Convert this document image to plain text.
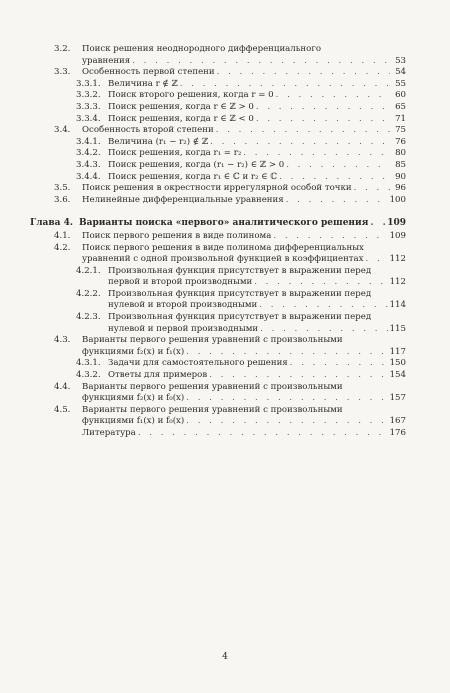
3.2.	Поиск решения неоднородного дифференциального
уравнения . . .	53
3.3.	Особенность первой степени . . .	54
3.3.1. Величина r ∉ ℤ . . .	55
3.3.2. Поиск второго решения, когда r = 0 . . .	60
3.3.3. Поиск решения, когда r ∈ ℤ > 0 . . .	65
3.3.4. Поиск решения, когда r ∈ ℤ < 0 . . .	71
3.4.	Особенность второй степени . . .	75
3.4.1. Величина (r₁ − r₂) ∉ ℤ . . .	76
3.4.2. Поиск решения, когда r₁ = r₂ . . .	80
3.4.3. Поиск решения, когда (r₁ − r₂) ∈ ℤ > 0 . . .	85
3.4.4. Поиск решения, когда r₁ ∈ ℂ и r₂ ∈ ℂ . . .	90
3.5.	Поиск решения в окрестности иррегулярной особой точки . . .	96
3.6.	Нелинейные дифференциальные уравнения . . .	100
Глава 4. Варианты поиска «первого» аналитического решения . . . 109
4.1.	Поиск первого решения в виде полинома . . .	109
4.2.	Поиск первого решения в виде полинома дифференциальных
уравнений с одной произвольной функцией в коэффициентах . . .	112
4.2.1. Произвольная функция присутствует в выражении перед
первой и второй производными . . .	112
4.2.2. Произвольная функция присутствует в выражении перед
нулевой и второй производными . . .	114
4.2.3. Произвольная функция присутствует в выражении перед
нулевой и первой производными . . .	115
4.3.	Варианты первого решения уравнений с произвольными
функциями f₂(x) и f₁(x) . . .	117
4.3.1. Задачи для самостоятельного решения . . .	150
4.3.2. Ответы для примеров . . .	154
4.4.	Варианты первого решения уравнений с произвольными
функциями f₂(x) и f₀(x) . . .	157
4.5.	Варианты первого решения уравнений с произвольными
функциями f₁(x) и f₀(x) . . .	167
Литература . . .	176
4
